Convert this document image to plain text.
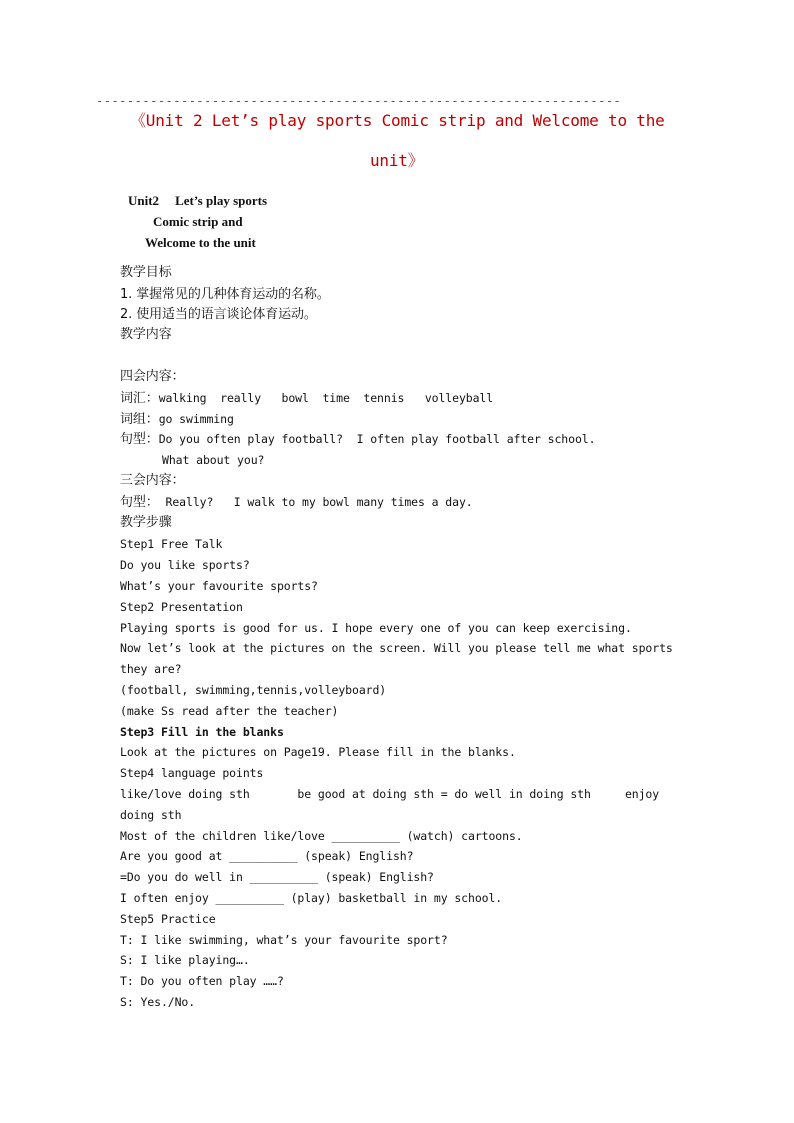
--------------------------------------------------------------------
《Unit 2 Let’s play sports Comic strip and Welcome to the
unit》
Unit2 Let’s play sports
Comic strip and
Welcome to the unit
教学目标
1. 掌握常见的几种体育运动的名称。
2. 使用适当的语言谈论体育运动。
教学内容
四会内容：
词汇：walking  really   bowl  time  tennis   volleyball
词组：go swimming
句型：Do you often play football?  I often play football after school.
What about you?
三会内容：
句型： Really?   I walk to my bowl many times a day.
教学步骤
Step1 Free Talk
Do you like sports?
What’s your favourite sports?
Step2 Presentation
Playing sports is good for us. I hope every one of you can keep exercising.
Now let’s look at the pictures on the screen. Will you please tell me what sports
they are?
(football, swimming,tennis,volleyboard)
(make Ss read after the teacher)
Step3 Fill in the blanks
Look at the pictures on Page19. Please fill in the blanks.
Step4 language points
like/love doing sth       be good at doing sth = do well in doing sth     enjoy
doing sth
Most of the children like/love __________ (watch) cartoons.
Are you good at __________ (speak) English?
=Do you do well in __________ (speak) English?
I often enjoy __________ (play) basketball in my school.
Step5 Practice
T: I like swimming, what’s your favourite sport?
S: I like playing….
T: Do you often play ……?
S: Yes./No.
